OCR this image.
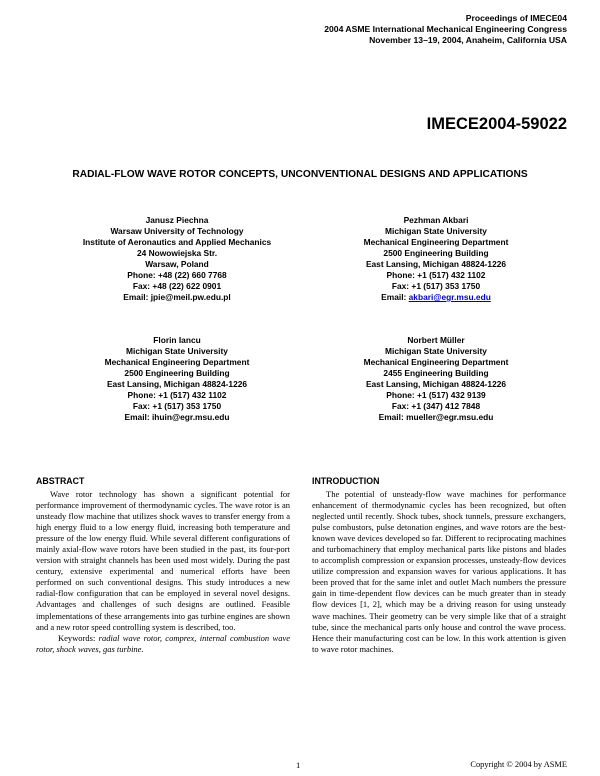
Proceedings of IMECE04
2004 ASME International Mechanical Engineering Congress
November 13–19, 2004, Anaheim, California USA
IMECE2004-59022
RADIAL-FLOW WAVE ROTOR CONCEPTS, UNCONVENTIONAL DESIGNS AND APPLICATIONS
Janusz Piechna
Warsaw University of Technology
Institute of Aeronautics and Applied Mechanics
24 Nowowiejska Str.
Warsaw, Poland
Phone: +48 (22) 660 7768
Fax: +48 (22) 622 0901
Email: jpie@meil.pw.edu.pl
Pezhman Akbari
Michigan State University
Mechanical Engineering Department
2500 Engineering Building
East Lansing, Michigan 48824-1226
Phone: +1 (517) 432 1102
Fax: +1 (517) 353 1750
Email: akbari@egr.msu.edu
Florin Iancu
Michigan State University
Mechanical Engineering Department
2500 Engineering Building
East Lansing, Michigan 48824-1226
Phone: +1 (517) 432 1102
Fax: +1 (517) 353 1750
Email: ihuin@egr.msu.edu
Norbert Müller
Michigan State University
Mechanical Engineering Department
2455 Engineering Building
East Lansing, Michigan 48824-1226
Phone: +1 (517) 432 9139
Fax: +1 (347) 412 7848
Email: mueller@egr.msu.edu
ABSTRACT

Wave rotor technology has shown a significant potential for performance improvement of thermodynamic cycles. The wave rotor is an unsteady flow machine that utilizes shock waves to transfer energy from a high energy fluid to a low energy fluid, increasing both temperature and pressure of the low energy fluid. While several different configurations of mainly axial-flow wave rotors have been studied in the past, its four-port version with straight channels has been used most widely. During the past century, extensive experimental and numerical efforts have been performed on such conventional designs. This study introduces a new radial-flow configuration that can be employed in several novel designs. Advantages and challenges of such designs are outlined. Feasible implementations of these arrangements into gas turbine engines are shown and a new rotor speed controlling system is described, too.

Keywords: radial wave rotor, comprex, internal combustion wave rotor, shock waves, gas turbine.

INTRODUCTION

The potential of unsteady-flow wave machines for performance enhancement of thermodynamic cycles has been recognized, but often neglected until recently. Shock tubes, shock tunnels, pressure exchangers, pulse combustors, pulse detonation engines, and wave rotors are the best-known wave devices developed so far. Different to reciprocating machines and turbomachinery that employ mechanical parts like pistons and blades to accomplish compression or expansion processes, unsteady-flow devices utilize compression and expansion waves for various applications. It has been proved that for the same inlet and outlet Mach numbers the pressure gain in time-dependent flow devices can be much greater than in steady flow devices [1, 2], which may be a driving reason for using unsteady wave machines. Their geometry can be very simple like that of a straight tube, since the mechanical parts only house and control the wave process. Hence their manufacturing cost can be low. In this work attention is given to wave rotor machines.

1	Copyright © 2004 by ASME
